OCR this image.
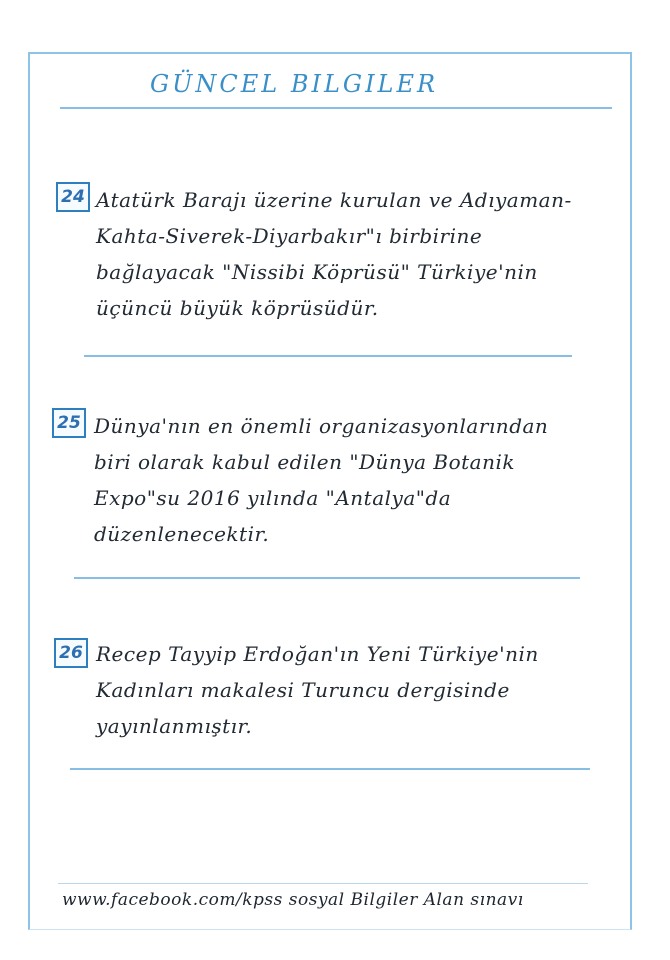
GÜNCEL BILGILER
24 Atatürk Barajı üzerine kurulan ve Adıyaman-Kahta-Siverek-Diyarbakır"ı birbirine bağlayacak "Nissibi Köprüsü" Türkiye'nin üçüncü büyük köprüsüdür.
25 Dünya'nın en önemli organizasyonlarından biri olarak kabul edilen "Dünya Botanik Expo"su 2016 yılında "Antalya"da düzenlenecektir.
26 Recep Tayyip Erdoğan'ın Yeni Türkiye'nin Kadınları makalesi Turuncu dergisinde yayınlanmıştır.
www.facebook.com/kpss sosyal Bilgiler Alan sınavı
